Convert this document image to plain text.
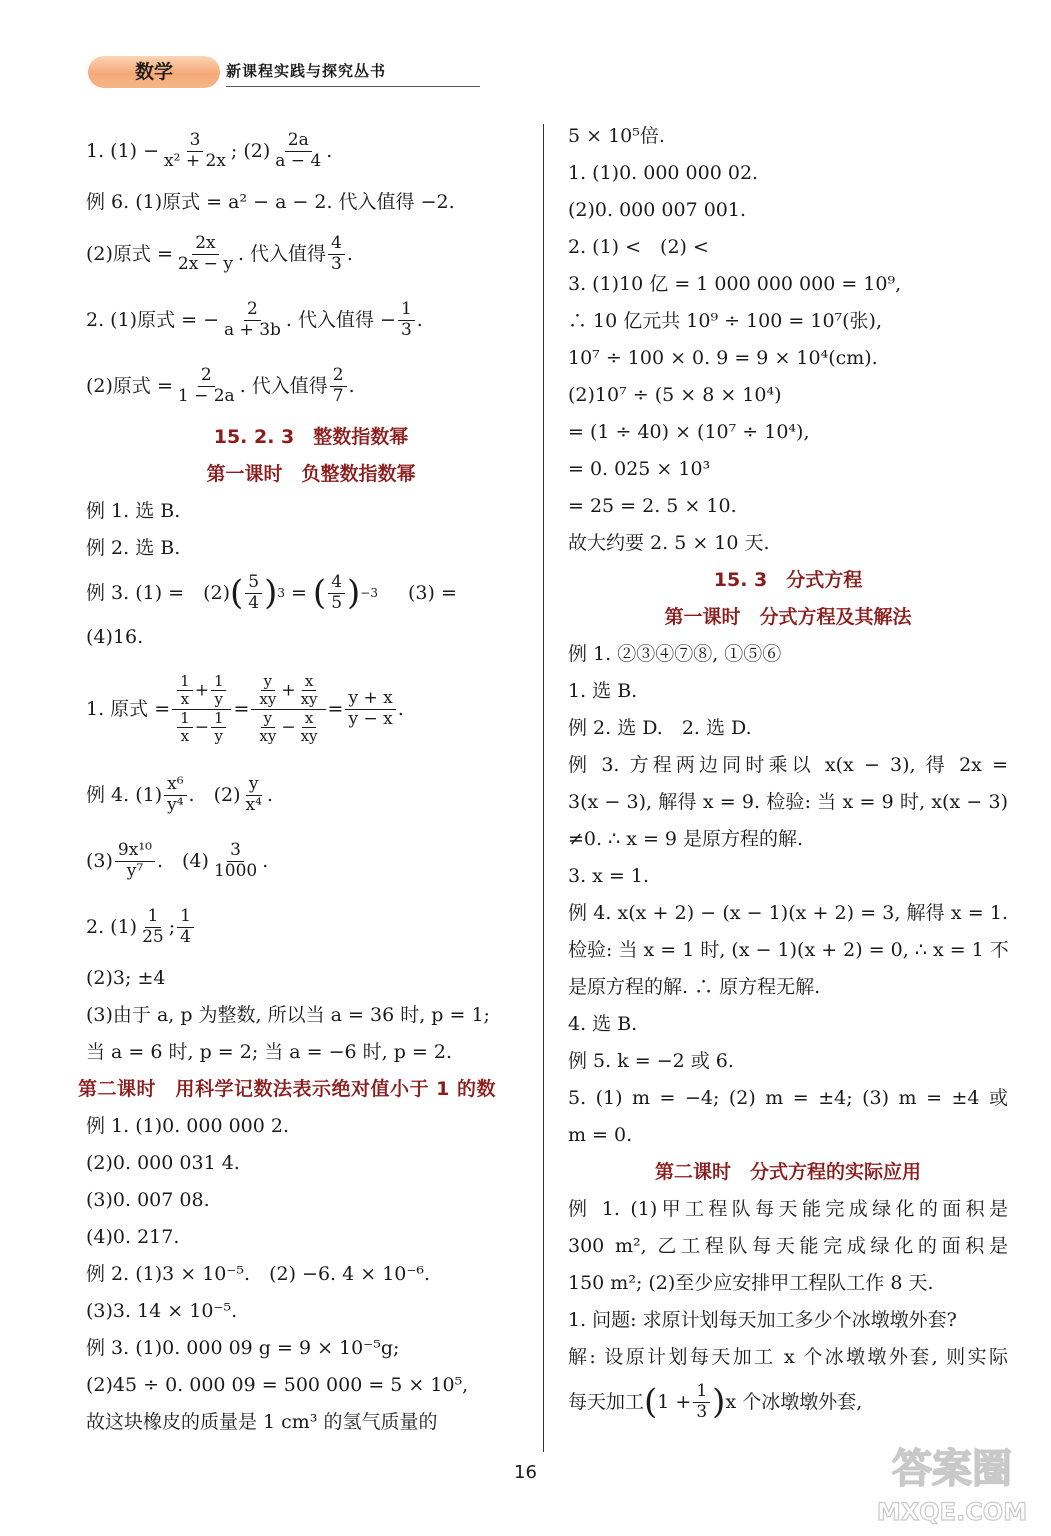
数学	新课程实践与探究丛书
1. $(1) - \frac{3}{\text{x² + 2x}}$ ; $(2) \frac{2a}{a - 4}$ .
例 6. (1)原式 = a² − a − 2. 代入值得 −2.
(2)原式 = $\frac{2x}{2x - y}$ . 代入值得 $\frac{4}{3}$ .
2. (1)原式 = − $\frac{2}{a + 3b}$ . 代入值得 − $\frac{1}{3}$ .
(2)原式 = $\frac{2}{1 - 2a}$ . 代入值得 $\frac{2}{7}$ .
15. 2. 3　整数指数幂
第一课时　负整数指数幂
例 1. 选 B.
例 2. 选 B.
例 3. (1) =　(2) ( $\frac{5}{4}$ ) 3 = ( $\frac{4}{5}$ ) −3 (3) =
(4)16.
1. 原式 = $\frac{\frac{1}{x} + \frac{1}{y}}{\frac{1}{x} - \frac{1}{y}} = \frac{\frac{y}{xy} + \frac{x}{xy}}{\frac{y}{xy} - \frac{x}{xy}} = \frac{y + x}{y - x}$ .
例 4. $(1) \frac{\text{x⁶}}{\text{y⁴}}$ .　$(2) \frac{y}{\text{x⁴}}$ .
$(3) \frac{\text{9x¹⁰}}{\text{y⁷}}$ .　$(4) \frac{3}{1000}$ .
2. $(1) \frac{1}{25}$ ; $\frac{1}{4}$
(2)3; ±4
(3)由于 a, p 为整数, 所以当 a = 36 时, p = 1;
当 a = 6 时, p = 2; 当 a = −6 时, p = 2.
第二课时　用科学记数法表示绝对值小于 1 的数
例 1. (1)0. 000 000 2.
(2)0. 000 031 4.
(3)0. 007 08.
(4)0. 217.
例 2. (1)3 × 10⁻⁵.　(2) −6. 4 × 10⁻⁶.
(3)3. 14 × 10⁻⁵.
例 3. (1)0. 000 09 g = 9 × 10⁻⁵g;
(2)45 ÷ 0. 000 09 = 500 000 = 5 × 10⁵,
故这块橡皮的质量是 1 cm³ 的氢气质量的
5 × 10⁵倍.
1. (1)0. 000 000 02.
(2)0. 000 007 001.
2. (1) <　(2) <
3. (1)10 亿 = 1 000 000 000 = 10⁹,
∴ 10 亿元共 10⁹ ÷ 100 = 10⁷(张),
10⁷ ÷ 100 × 0. 9 = 9 × 10⁴(cm).
(2)10⁷ ÷ (5 × 8 × 10⁴)
= (1 ÷ 40) × (10⁷ ÷ 10⁴),
= 0. 025 × 10³
= 25 = 2. 5 × 10.
故大约要 2. 5 × 10 天.
15. 3　分式方程
第一课时　分式方程及其解法
例 1. ②③④⑦⑧, ①⑤⑥
1. 选 B.
例 2. 选 D.　2. 选 D.
例 3. 方程两边同时乘以 x(x − 3), 得 2x =
3(x − 3), 解得 x = 9. 检验: 当 x = 9 时, x(x − 3)
≠0. ∴ x = 9 是原方程的解.
3. x = 1.
例 4. x(x + 2) − (x − 1)(x + 2) = 3, 解得 x = 1.
检验: 当 x = 1 时, (x − 1)(x + 2) = 0, ∴ x = 1 不
是原方程的解. ∴ 原方程无解.
4. 选 B.
例 5. k = −2 或 6.
5. (1) m = −4; (2) m = ±4; (3) m = ±4 或
m = 0.
第二课时　分式方程的实际应用
例 1. (1)甲工程队每天能完成绿化的面积是
300 m², 乙工程队每天能完成绿化的面积是
150 m²; (2)至少应安排甲工程队工作 8 天.
1. 问题: 求原计划每天加工多少个冰墩墩外套?
解: 设原计划每天加工 x 个冰墩墩外套, 则实际
每天加工 ( $1 + \frac{1}{3}$ ) x 个冰墩墩外套,
16	答案圈
MXQE.COM
